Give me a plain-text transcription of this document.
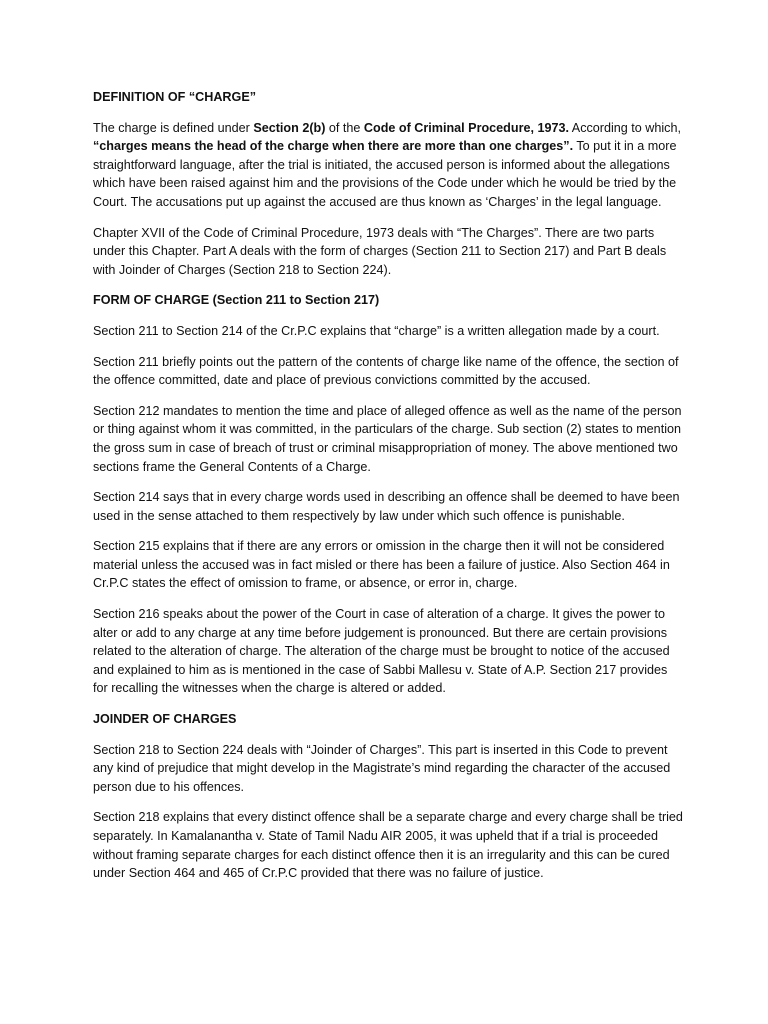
DEFINITION OF “CHARGE”

The charge is defined under Section 2(b) of the Code of Criminal Procedure, 1973. According to which, “charges means the head of the charge when there are more than one charges”. To put it in a more straightforward language, after the trial is initiated, the accused person is informed about the allegations which have been raised against him and the provisions of the Code under which he would be tried by the Court. The accusations put up against the accused are thus known as ‘Charges’ in the legal language.

Chapter XVII of the Code of Criminal Procedure, 1973 deals with “The Charges”. There are two parts under this Chapter. Part A deals with the form of charges (Section 211 to Section 217) and Part B deals with Joinder of Charges (Section 218 to Section 224).

FORM OF CHARGE (Section 211 to Section 217)

Section 211 to Section 214 of the Cr.P.C explains that “charge” is a written allegation made by a court.

Section 211 briefly points out the pattern of the contents of charge like name of the offence, the section of the offence committed, date and place of previous convictions committed by the accused.

Section 212 mandates to mention the time and place of alleged offence as well as the name of the person or thing against whom it was committed, in the particulars of the charge. Sub section (2) states to mention the gross sum in case of breach of trust or criminal misappropriation of money. The above mentioned two sections frame the General Contents of a Charge.

Section 214 says that in every charge words used in describing an offence shall be deemed to have been used in the sense attached to them respectively by law under which such offence is punishable.

Section 215 explains that if there are any errors or omission in the charge then it will not be considered material unless the accused was in fact misled or there has been a failure of justice. Also Section 464 in Cr.P.C states the effect of omission to frame, or absence, or error in, charge.

Section 216 speaks about the power of the Court in case of alteration of a charge. It gives the power to alter or add to any charge at any time before judgement is pronounced. But there are certain provisions related to the alteration of charge. The alteration of the charge must be brought to notice of the accused and explained to him as is mentioned in the case of Sabbi Mallesu v. State of A.P. Section 217 provides for recalling the witnesses when the charge is altered or added.

JOINDER OF CHARGES

Section 218 to Section 224 deals with “Joinder of Charges”. This part is inserted in this Code to prevent any kind of prejudice that might develop in the Magistrate’s mind regarding the character of the accused person due to his offences.

Section 218 explains that every distinct offence shall be a separate charge and every charge shall be tried separately. In Kamalanantha v. State of Tamil Nadu AIR 2005, it was upheld that if a trial is proceeded without framing separate charges for each distinct offence then it is an irregularity and this can be cured under Section 464 and 465 of Cr.P.C provided that there was no failure of justice.
